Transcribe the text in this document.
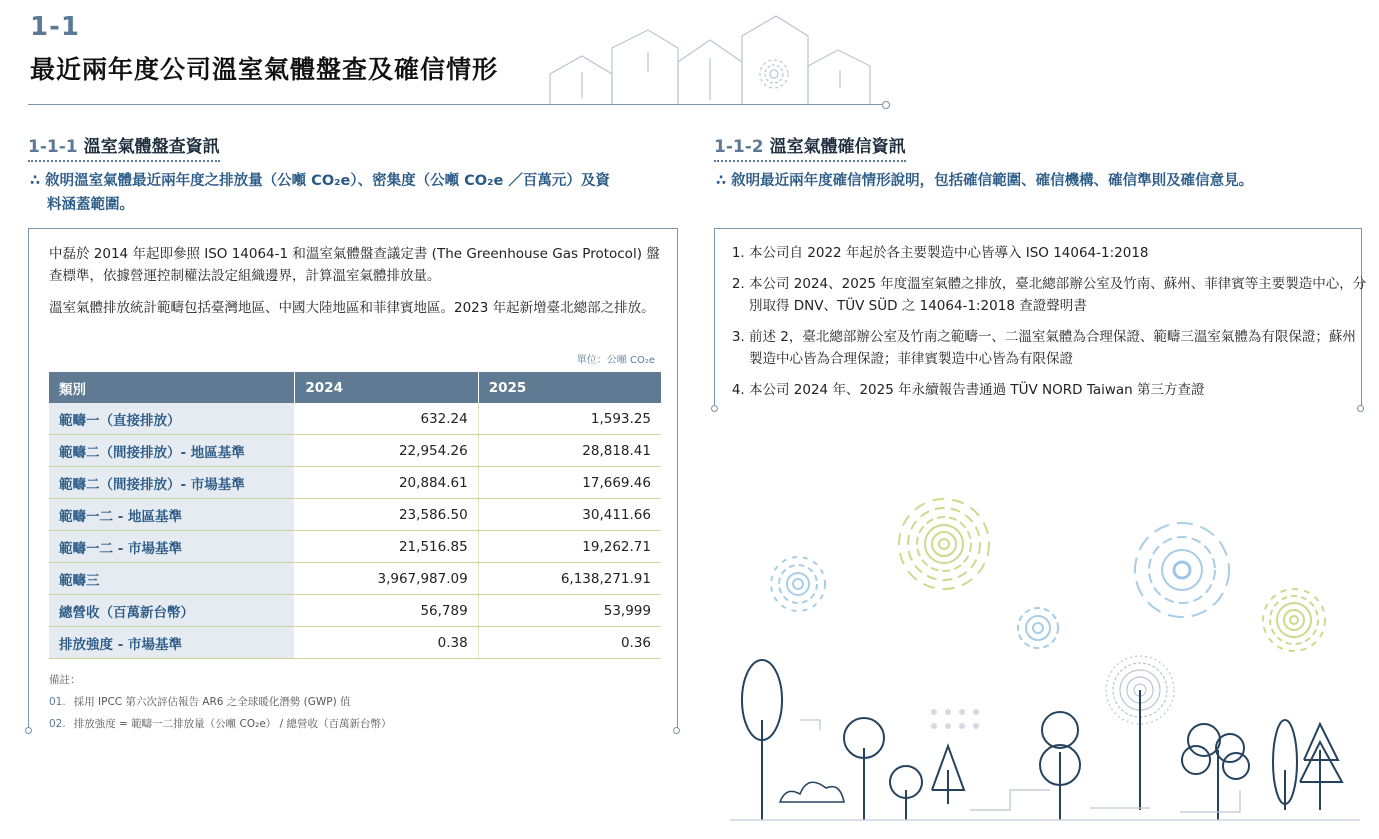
1-1
最近兩年度公司溫室氣體盤查及確信情形
1-1-1 溫室氣體盤查資訊
∴ 敘明溫室氣體最近兩年度之排放量（公噸 CO₂e）、密集度（公噸 CO₂e ／百萬元）及資
料涵蓋範圍。
中磊於 2014 年起即參照 ISO 14064-1 和溫室氣體盤查議定書 (The Greenhouse Gas Protocol) 盤查標準，依據營運控制權法設定組織邊界，計算溫室氣體排放量。
溫室氣體排放統計範疇包括臺灣地區、中國大陸地區和菲律賓地區。2023 年起新增臺北總部之排放。
單位：公噸 CO₂e
類別	2024	2025
範疇一（直接排放）	632.24	1,593.25
範疇二（間接排放）- 地區基準	22,954.26	28,818.41
範疇二（間接排放）- 市場基準	20,884.61	17,669.46
範疇一二 - 地區基準	23,586.50	30,411.66
範疇一二 - 市場基準	21,516.85	19,262.71
範疇三	3,967,987.09	6,138,271.91
總營收（百萬新台幣）	56,789	53,999
排放強度 - 市場基準	0.38	0.36
備註：
01. 採用 IPCC 第六次評估報告 AR6 之全球暖化潛勢 (GWP) 值
02. 排放強度 = 範疇一二排放量（公噸 CO₂e） / 總營收（百萬新台幣）
1-1-2 溫室氣體確信資訊
∴ 敘明最近兩年度確信情形說明，包括確信範圍、確信機構、確信準則及確信意見。
1. 本公司自 2022 年起於各主要製造中心皆導入 ISO 14064-1:2018
2. 本公司 2024、2025 年度溫室氣體之排放，臺北總部辦公室及竹南、蘇州、菲律賓等主要製造中心，分別取得 DNV、TÜV SÜD 之 14064-1:2018 查證聲明書
3. 前述 2，臺北總部辦公室及竹南之範疇一、二溫室氣體為合理保證、範疇三溫室氣體為有限保證；蘇州製造中心皆為合理保證；菲律賓製造中心皆為有限保證
4. 本公司 2024 年、2025 年永續報告書通過 TÜV NORD Taiwan 第三方查證
